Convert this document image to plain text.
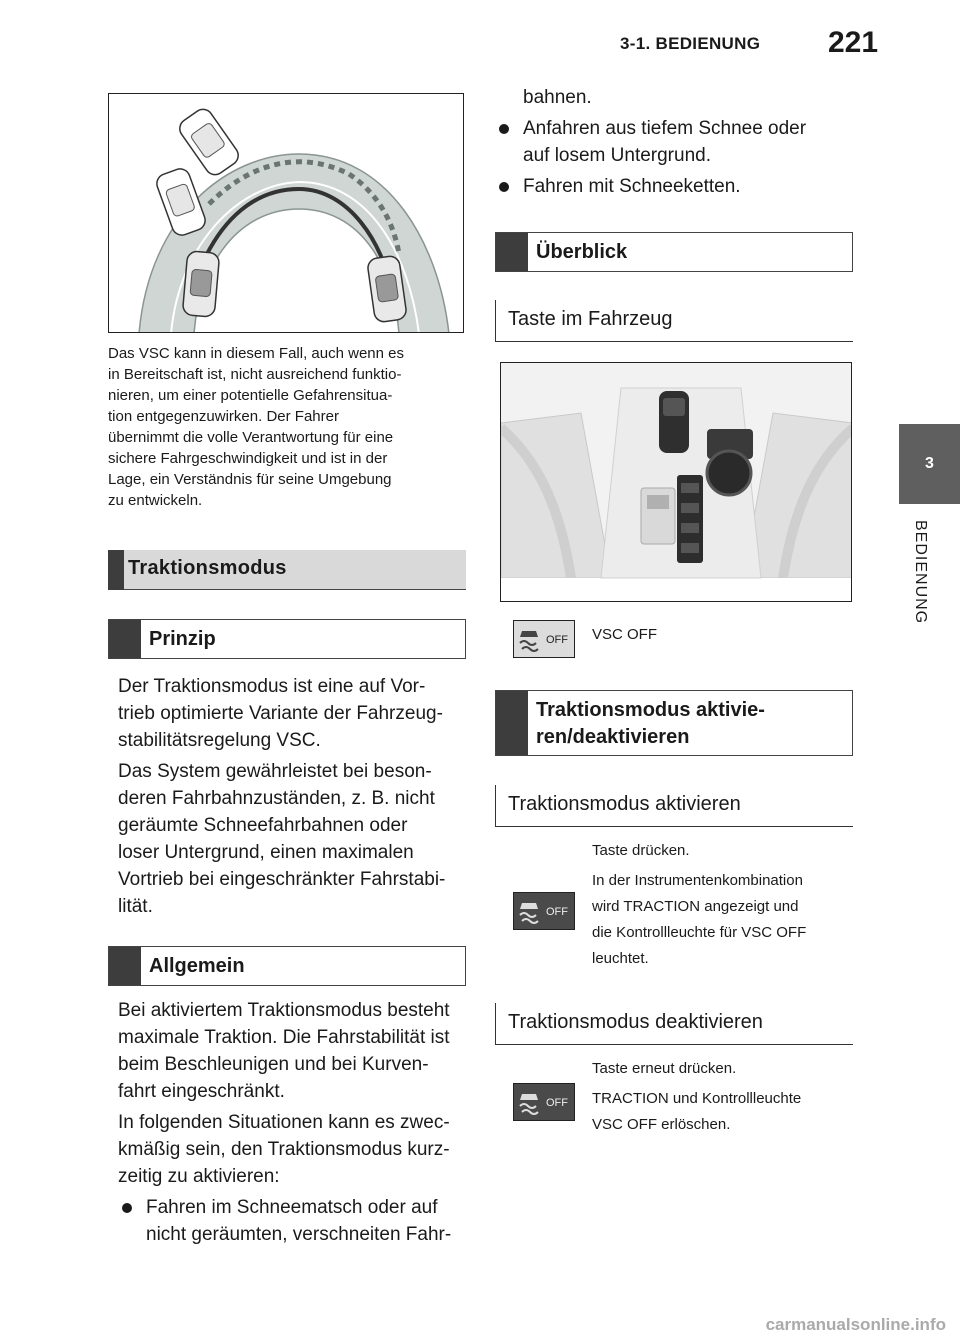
3-1. BEDIENUNG 221
3
BEDIENUNG
Das VSC kann in diesem Fall, auch wenn es
in Bereitschaft ist, nicht ausreichend funktio-
nieren, um einer potentielle Gefahrensitua-
tion entgegenzuwirken. Der Fahrer
übernimmt die volle Verantwortung für eine
sichere Fahrgeschwindigkeit und ist in der
Lage, ein Verständnis für seine Umgebung
zu entwickeln.
Traktionsmodus
Prinzip

Der Traktionsmodus ist eine auf Vor-
trieb optimierte Variante der Fahrzeug-
stabilitätsregelung VSC.

Das System gewährleistet bei beson-
deren Fahrbahnzuständen, z. B. nicht
geräumte Schneefahrbahnen oder
loser Untergrund, einen maximalen
Vortrieb bei eingeschränkter Fahrstabi-
lität.

Allgemein

Bei aktiviertem Traktionsmodus besteht
maximale Traktion. Die Fahrstabilität ist
beim Beschleunigen und bei Kurven-
fahrt eingeschränkt.

In folgenden Situationen kann es zwec-
kmäßig sein, den Traktionsmodus kurz-
zeitig zu aktivieren:

Fahren im Schneematsch oder auf
nicht geräumten, verschneiten Fahr-
bahnen.
Anfahren aus tiefem Schnee oder
auf losem Untergrund.
Fahren mit Schneeketten.
Überblick
Taste im Fahrzeug
OFF VSC OFF
Traktionsmodus aktivie-
ren/deaktivieren
Traktionsmodus aktivieren
Taste drücken.
In der Instrumentenkombination
wird TRACTION angezeigt und
die Kontrollleuchte für VSC OFF
leuchtet.
OFF
Traktionsmodus deaktivieren
Taste erneut drücken.
TRACTION und Kontrollleuchte
VSC OFF erlöschen.
OFF
carmanualsonline.info
